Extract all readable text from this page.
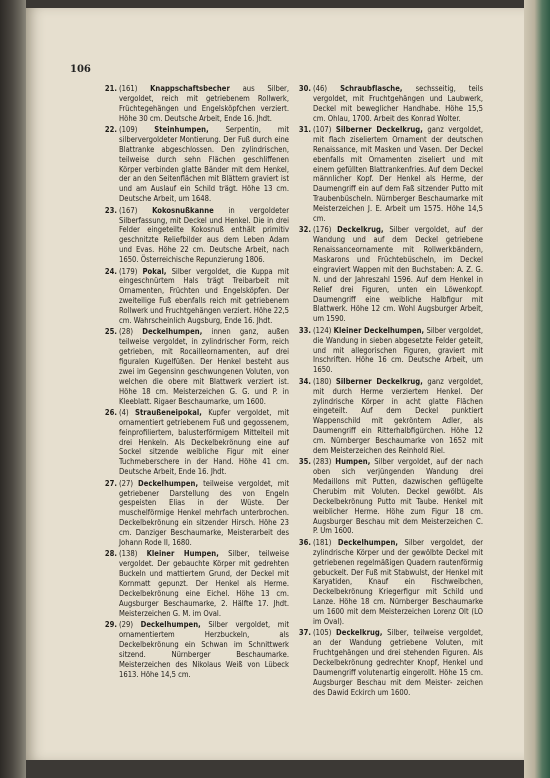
106
21. (161) Knappschaftsbecher aus Silber, vergoldet, reich mit getriebenem Rollwerk, Früchtegehängen und Engelsköpfchen verziert. Höhe 30 cm. Deutsche Arbeit, Ende 16. Jhdt.
22. (109) Steinhumpen, Serpentin, mit silbervergoldeter Montierung. Der Fuß durch eine Blattranke abgeschlossen. Den zylindrischen, teilweise durch sehn Flächen geschliffenen Körper verbinden glatte Bänder mit dem Henkel, der an den Seitenflächen mit Blättern graviert ist und am Auslauf ein Schild trägt. Höhe 13 cm. Deutsche Arbeit, um 1648.
23. (167) Kokosnußkanne in vergoldeter Silberfassung, mit Deckel und Henkel. Die in drei Felder eingeteilte Kokosnuß enthält primitiv geschnitzte Reliefbilder aus dem Leben Adam und Evas. Höhe 22 cm. Deutsche Arbeit, nach 1650. Österreichische Repunzierung 1806.
24. (179) Pokal, Silber vergoldet, die Kuppa mit eingeschnürtem Hals trägt Treibarbeit mit Ornamenten, Früchten und Engelsköpfen. Der zweiteilige Fuß ebenfalls reich mit getriebenem Rollwerk und Fruchtgehängen verziert. Höhe 22,5 cm. Wahrscheinlich Augsburg, Ende 16. Jhdt.
25. (28) Deckelhumpen, innen ganz, außen teilweise vergoldet, in zylindrischer Form, reich getrieben, mit Rocailleornamenten, auf drei figuralen Kugelfüßen. Der Henkel besteht aus zwei im Gegensinn geschwungenen Voluten, von welchen die obere mit Blattwerk verziert ist. Höhe 18 cm. Meisterzeichen G. G. und P. in Kleeblatt. Rigaer Beschaumarke, um 1600.
26. (4) Straußeneipokal, Kupfer vergoldet, mit ornamentiert getriebenem Fuß und gegossenem, feinprofiliertem, balusterförmigem Mittelteil mit drei Henkeln. Als Deckelbekrönung eine auf Sockel sitzende weibliche Figur mit einer Tuchmeberschere in der Hand. Höhe 41 cm. Deutsche Arbeit, Ende 16. Jhdt.
27. (27) Deckelhumpen, teilweise vergoldet, mit getriebener Darstellung des von Engeln gespeisten Elias in der Wüste. Der muschelförmige Henkel mehrfach unterbrochen. Deckelbekrönung ein sitzender Hirsch. Höhe 23 cm. Danziger Beschaumarke, Meisterarbeit des Johann Rode II, 1680.
28. (138) Kleiner Humpen, Silber, teilweise vergoldet. Der gebauchte Körper mit gedrehten Buckeln und mattiertem Grund, der Deckel mit Kornmatt gepunzt. Der Henkel als Herme. Deckelbekrönung eine Eichel. Höhe 13 cm. Augsburger Beschaumarke, 2. Hälfte 17. Jhdt. Meisterzeichen G. M. im Oval.
29. (29) Deckelhumpen, Silber vergoldet, mit ornamentiertem Herzbuckeln, als Deckelbekrönung ein Schwan im Schnittwerk sitzend. Nürnberger Beschaumarke. Meisterzeichen des Nikolaus Weiß von Lübeck 1613. Höhe 14,5 cm.
30. (46) Schraubflasche, sechsseitig, teils vergoldet, mit Fruchtgehängen und Laubwerk, Deckel mit beweglicher Handhabe. Höhe 15,5 cm. Ohlau, 1700. Arbeit des Konrad Wolter.
31. (107) Silberner Deckelkrug, ganz vergoldet, mit flach ziseliertem Ornament der deutschen Renaissance, mit Masken und Vasen. Der Deckel ebenfalls mit Ornamenten ziseliert und mit einem gefüllten Blattrankenfries. Auf dem Deckel männlicher Kopf. Der Henkel als Herme, der Daumengriff ein auf dem Faß sitzender Putto mit Traubenbüscheln. Nürnberger Beschaumarke mit Meisterzeichen J. E. Arbeit um 1575. Höhe 14,5 cm.
32. (176) Deckelkrug, Silber vergoldet, auf der Wandung und auf dem Deckel getriebene Renaissanceornamente mit Rollwerkbändern, Maskarons und Früchtebüscheln, im Deckel eingraviert Wappen mit den Buchstaben: A. Z. G. N. und der Jahreszahl 1596. Auf dem Henkel in Relief drei Figuren, unten ein Löwenkopf. Daumengriff eine weibliche Halbfigur mit Blattwerk. Höhe 12 cm. Wohl Augsburger Arbeit, um 1590.
33. (124) Kleiner Deckelhumpen, Silber vergoldet, die Wandung in sieben abgesetzte Felder geteilt, und mit allegorischen Figuren, graviert mit Inschriften. Höhe 16 cm. Deutsche Arbeit, um 1650.
34. (180) Silberner Deckelkrug, ganz vergoldet, mit durch Herme verziertem Henkel. Der zylindrische Körper in acht glatte Flächen eingeteilt. Auf dem Deckel punktiert Wappenschild mit gekröntem Adler, als Daumengriff ein Ritterhalbfigürchen. Höhe 12 cm. Nürnberger Beschaumarke von 1652 mit dem Meisterzeichen des Reinhold Riel.
35. (283) Humpen, Silber vergoldet, auf der nach oben sich verjüngenden Wandung drei Medaillons mit Putten, dazwischen geflügelte Cherubim mit Voluten. Deckel gewölbt. Als Deckelbekrönung Putto mit Taube. Henkel mit weiblicher Herme. Höhe zum Figur 18 cm. Augsburger Beschau mit dem Meisterzeichen C. P. Um 1600.
36. (181) Deckelhumpen, Silber vergoldet, der zylindrische Körper und der gewölbte Deckel mit getriebenen regelmäßigen Quadern rautenförmig gebuckelt. Der Fuß mit Stabwulst, der Henkel mit Karyatiden, Knauf ein Fischweibchen, Deckelbekrönung Kriegerfigur mit Schild und Lanze. Höhe 18 cm. Nürnberger Beschaumarke um 1600 mit dem Meisterzeichen Lorenz Olt (LO im Oval).
37. (105) Deckelkrug, Silber, teilweise vergoldet, an der Wandung getriebene Voluten, mit Fruchtgehängen und drei stehenden Figuren. Als Deckelbekrönung gedrechter Knopf, Henkel und Daumengriff volutenartig eingerollt. Höhe 15 cm. Augsburger Beschau mit dem Meister- zeichen des Dawid Eckirch um 1600.
